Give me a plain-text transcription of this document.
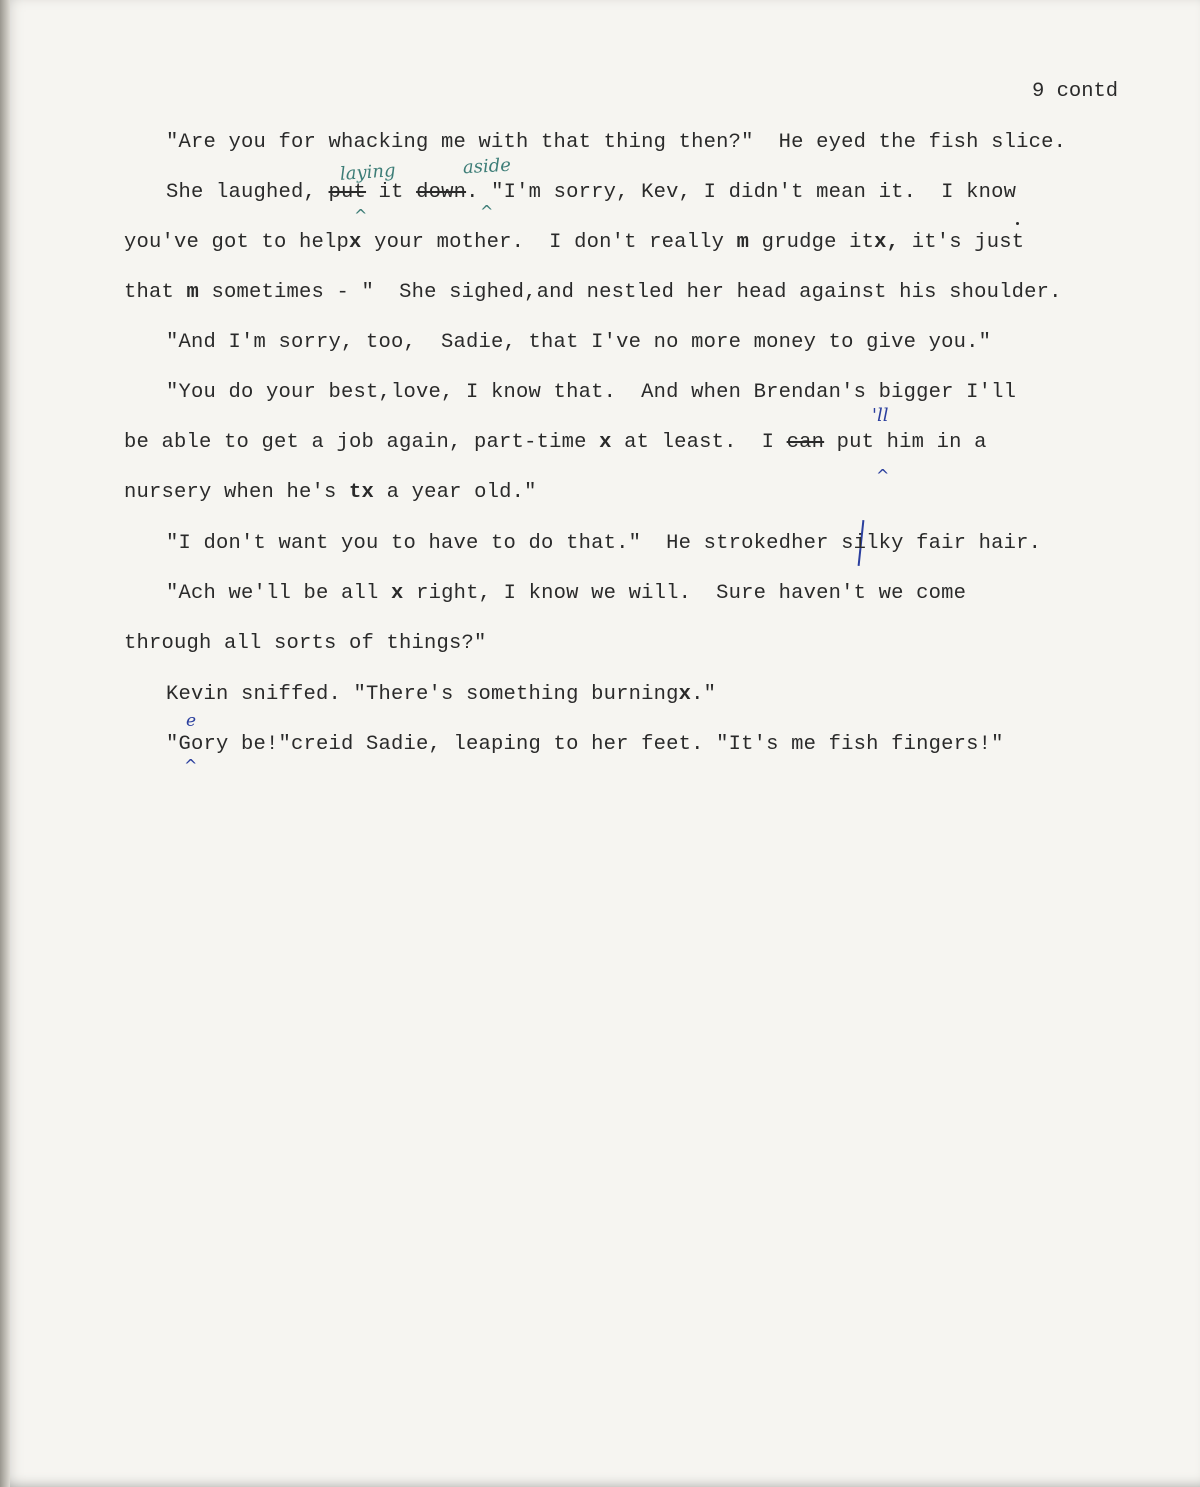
9 contd
"Are you for whacking me with that thing then?"  He eyed the fish slice.
laying	aside
She laughed, put it down. "I'm sorry, Kev, I didn't mean it.  I know
^	^
you've got to helpx your mother.  I don't really m grudge itx, it's just
that m sometimes - "  She sighed,and nestled her head against his shoulder.
"And I'm sorry, too,  Sadie, that I've no more money to give you."
"You do your best,love, I know that.  And when Brendan's bigger I'll
'll
be able to get a job again, part-time x at least.  I can put him in a
^
nursery when he's tx a year old."
"I don't want you to have to do that."  He strokedher silky fair hair.
"Ach we'll be all x right, I know we will.  Sure haven't we come
through all sorts of things?"
Kevin sniffed. "There's something burningx."
e
"Gory be!"creid Sadie, leaping to her feet. "It's me fish fingers!"
^
